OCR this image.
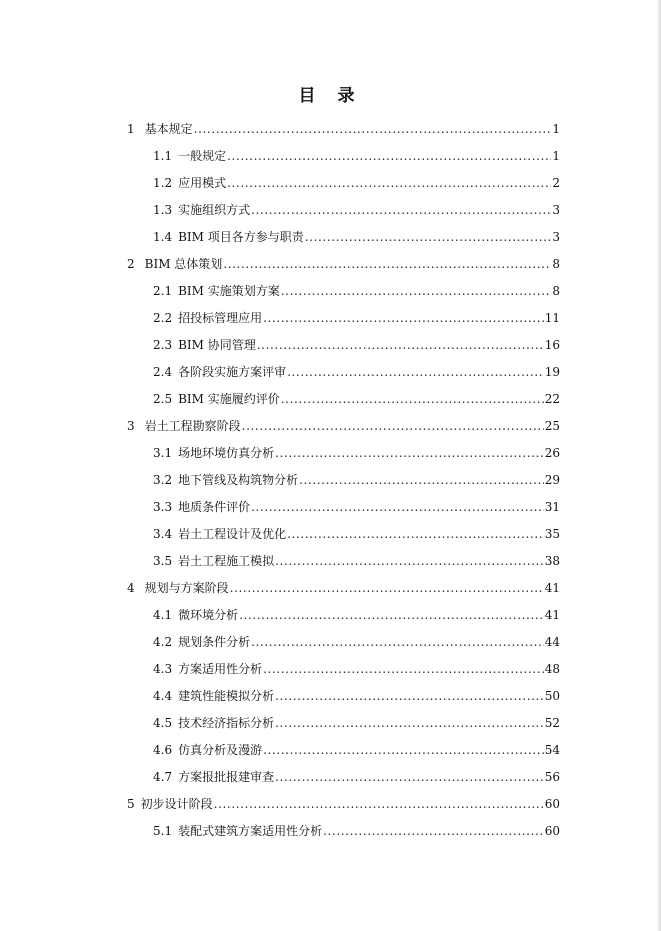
目 录
1 基本规定 .....	1
1.1 一般规定 .....	1
1.2 应用模式 .....	2
1.3 实施组织方式 .....	3
1.4 BIM 项目各方参与职责 .....	3
2 BIM 总体策划 .....	8
2.1 BIM 实施策划方案 .....	8
2.2 招投标管理应用 .....	11
2.3 BIM 协同管理 .....	16
2.4 各阶段实施方案评审 .....	19
2.5 BIM 实施履约评价 .....	22
3 岩土工程勘察阶段 .....	25
3.1 场地环境仿真分析 .....	26
3.2 地下管线及构筑物分析 .....	29
3.3 地质条件评价 .....	31
3.4 岩土工程设计及优化 .....	35
3.5 岩土工程施工模拟 .....	38
4 规划与方案阶段 .....	41
4.1 微环境分析 .....	41
4.2 规划条件分析 .....	44
4.3 方案适用性分析 .....	48
4.4 建筑性能模拟分析 .....	50
4.5 技术经济指标分析 .....	52
4.6 仿真分析及漫游 .....	54
4.7 方案报批报建审查 .....	56
5 初步设计阶段 .....	60
5.1 装配式建筑方案适用性分析 .....	60
